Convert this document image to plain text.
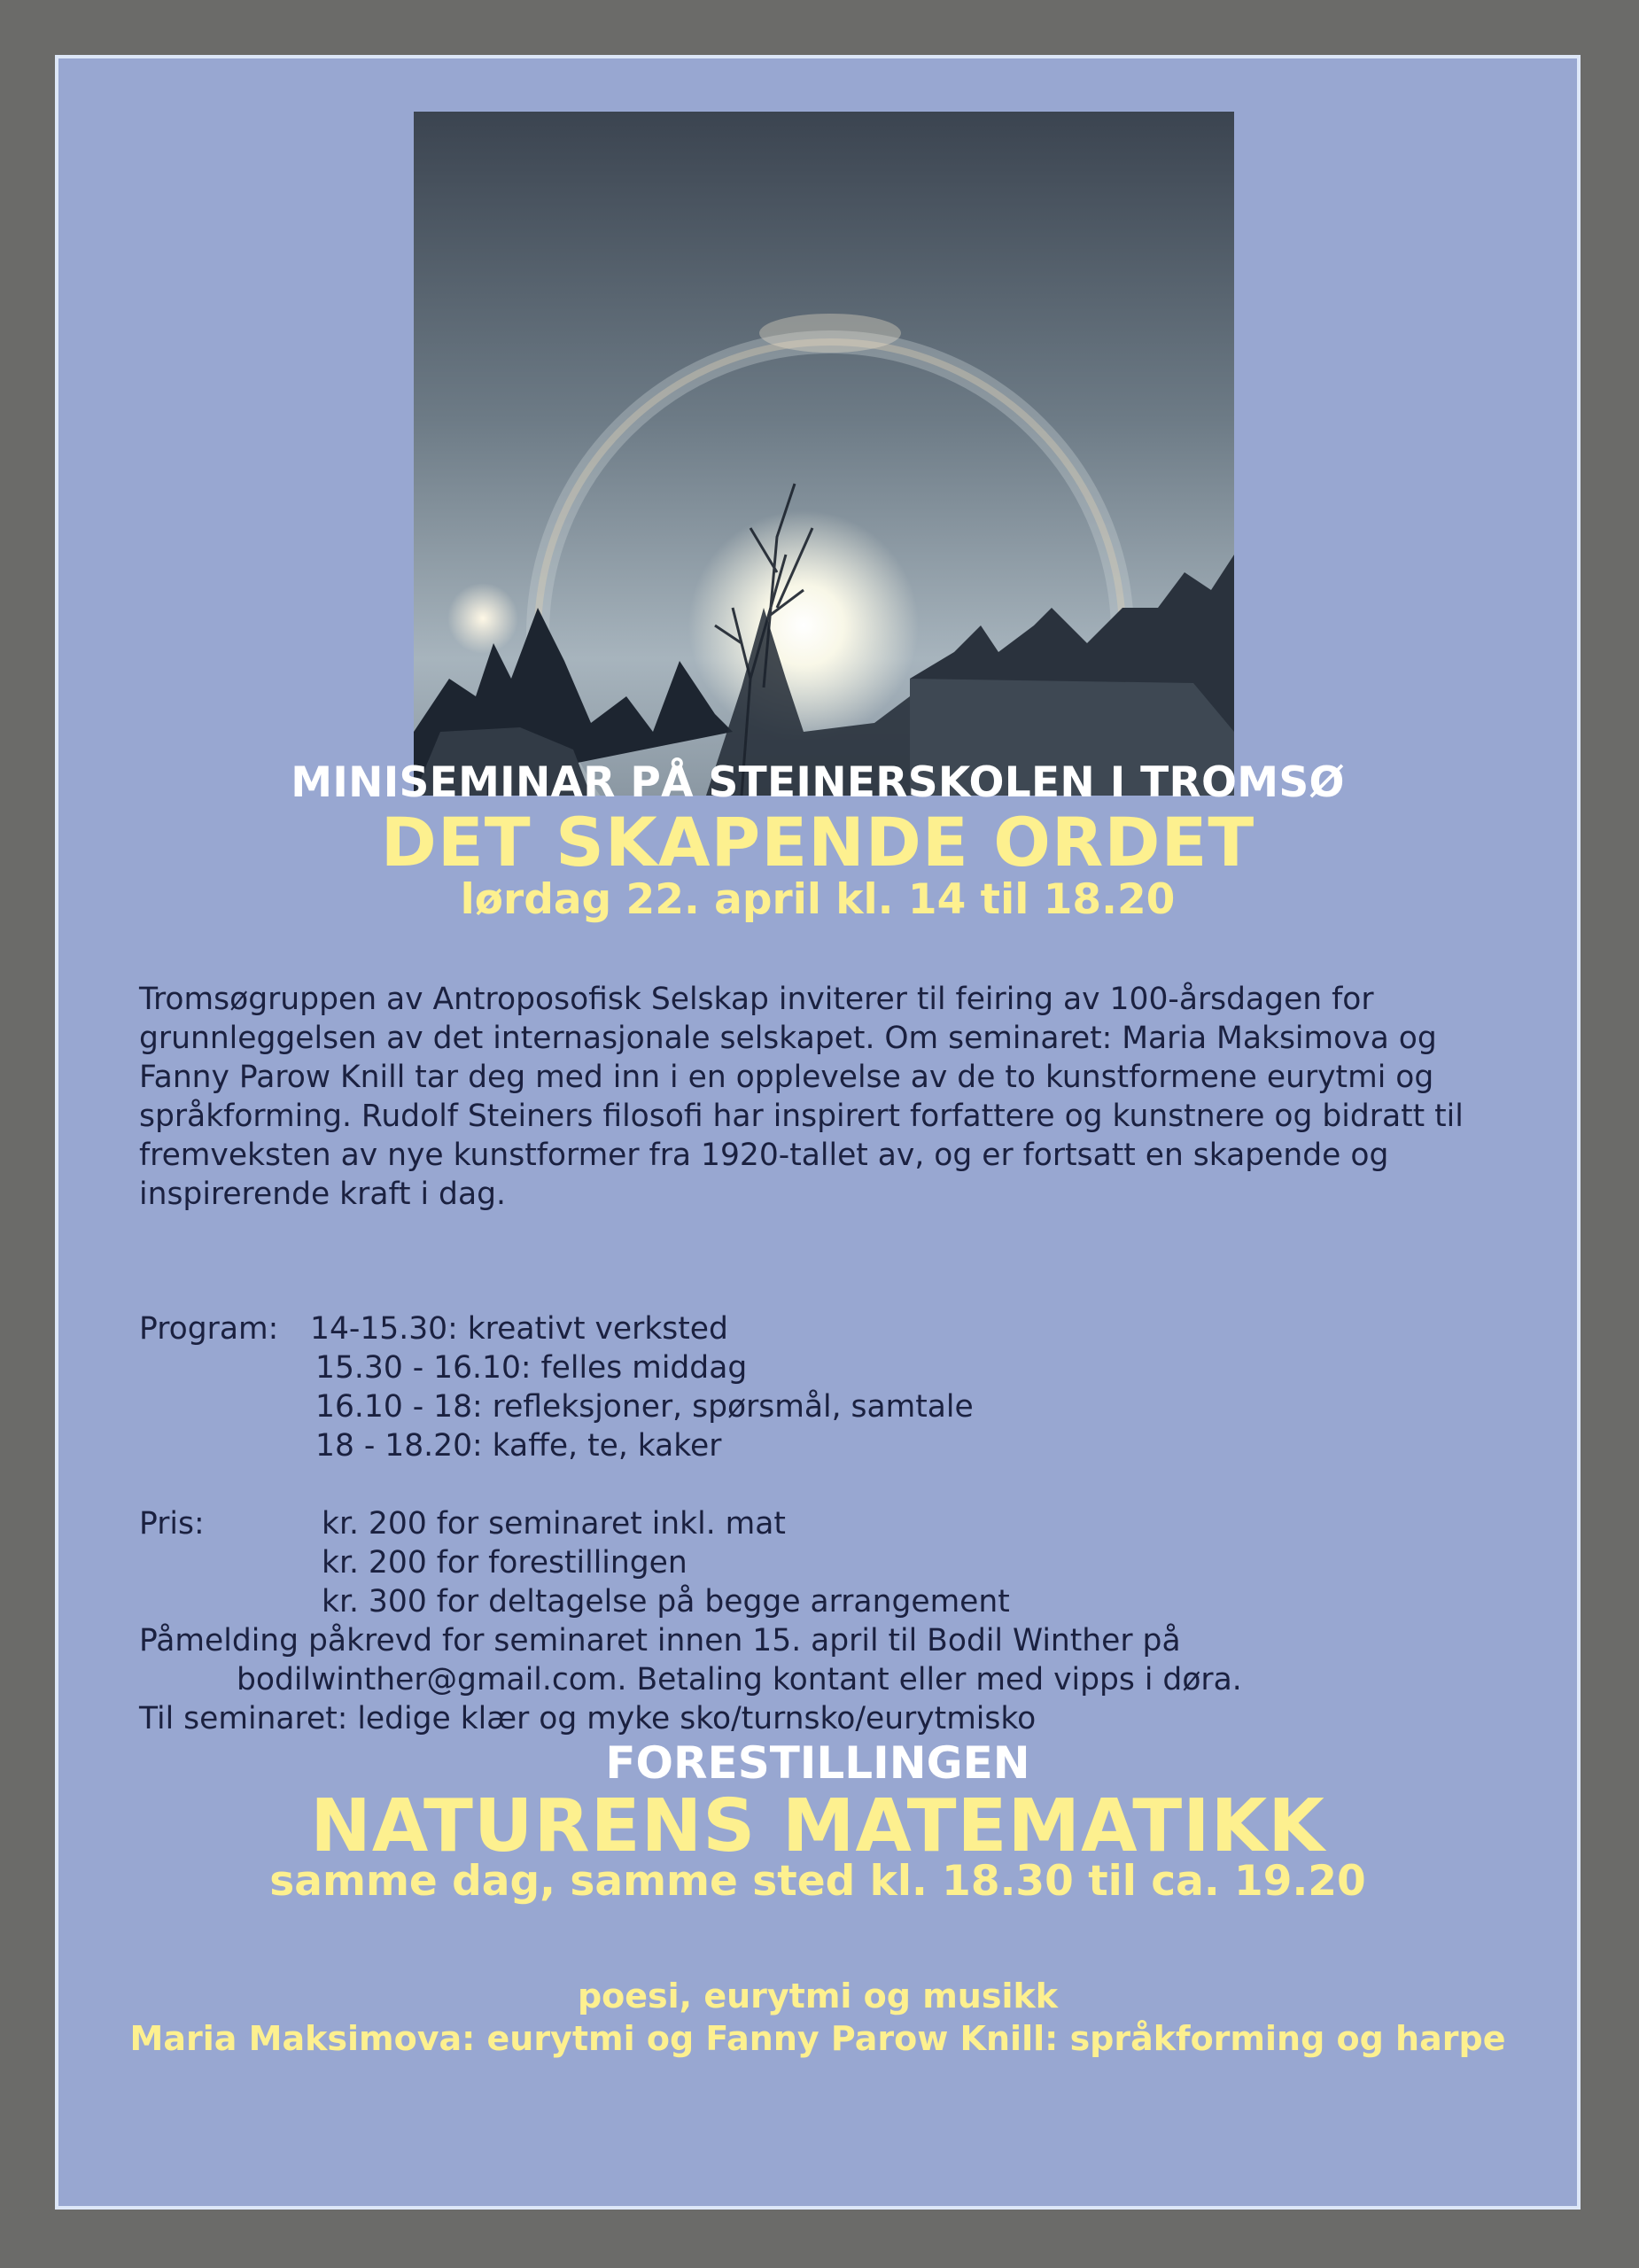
MINISEMINAR PÅ STEINERSKOLEN I TROMSØ
DET SKAPENDE ORDET
lørdag 22. april kl. 14 til 18.20
Tromsøgruppen av Antroposofisk Selskap inviterer til feiring av 100-årsdagen for grunnleggelsen av det internasjonale selskapet. Om seminaret: Maria Maksimova og Fanny Parow Knill tar deg med inn i en opplevelse av de to kunstformene eurytmi og språkforming. Rudolf Steiners filosofi har inspirert forfattere og kunstnere og bidratt til fremveksten av nye kunstformer fra 1920-tallet av, og er fortsatt en skapende og inspirerende kraft i dag.
Program: 14-15.30: kreativt verksted
15.30 - 16.10: felles middag
16.10 - 18: refleksjoner, spørsmål, samtale
18 - 18.20: kaffe, te, kaker
Pris:	kr. 200 for seminaret inkl. mat
kr. 200 for forestillingen
kr. 300 for deltagelse på begge arrangement
Påmelding påkrevd for seminaret innen 15. april til Bodil Winther på
bodilwinther@gmail.com. Betaling kontant eller med vipps i døra.
Til seminaret: ledige klær og myke sko/turnsko/eurytmisko
FORESTILLINGEN
NATURENS MATEMATIKK
samme dag, samme sted kl. 18.30 til ca. 19.20
poesi, eurytmi og musikk
Maria Maksimova: eurytmi og Fanny Parow Knill: språkforming og harpe
